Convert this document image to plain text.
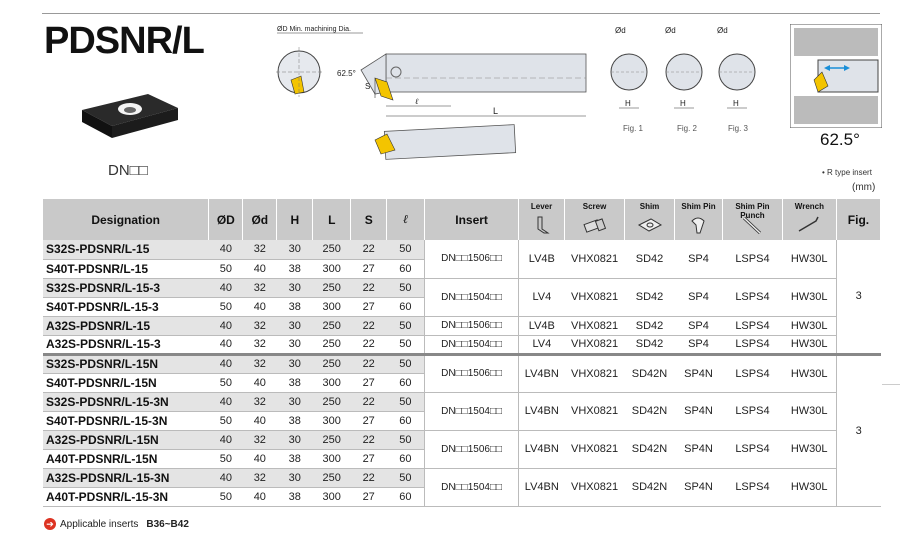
PDSNR/L
DN□□
ØD Min. machining Dia.
62.5°
S
ℓ
L
Ød
H
Ød
H
Ød
H
Fig. 1	Fig. 2	Fig. 3
62.5°
• R type insert
(mm)
Designation	ØD	Ød	H	L	S	ℓ	Insert	Lever	Screw	Shim	Shim Pin	Shim Pin Punch	Wrench	Fig.
S32S-PDSNR/L-15	40	32	30	250	22	50	DN□□1506□□	LV4B	VHX0821	SD42	SP4	LSPS4	HW30L	3
S40T-PDSNR/L-15	50	40	38	300	27	60								
S32S-PDSNR/L-15-3	40	32	30	250	22	50	DN□□1504□□	LV4	VHX0821	SD42	SP4	LSPS4	HW30L	
S40T-PDSNR/L-15-3	50	40	38	300	27	60								
A32S-PDSNR/L-15	40	32	30	250	22	50	DN□□1506□□	LV4B	VHX0821	SD42	SP4	LSPS4	HW30L	
A32S-PDSNR/L-15-3	40	32	30	250	22	50	DN□□1504□□	LV4	VHX0821	SD42	SP4	LSPS4	HW30L	
S32S-PDSNR/L-15N	40	32	30	250	22	50	DN□□1506□□	LV4BN	VHX0821	SD42N	SP4N	LSPS4	HW30L	3
S40T-PDSNR/L-15N	50	40	38	300	27	60								
S32S-PDSNR/L-15-3N	40	32	30	250	22	50	DN□□1504□□	LV4BN	VHX0821	SD42N	SP4N	LSPS4	HW30L	
S40T-PDSNR/L-15-3N	50	40	38	300	27	60								
A32S-PDSNR/L-15N	40	32	30	250	22	50	DN□□1506□□	LV4BN	VHX0821	SD42N	SP4N	LSPS4	HW30L	
A40T-PDSNR/L-15N	50	40	38	300	27	60								
A32S-PDSNR/L-15-3N	40	32	30	250	22	50	DN□□1504□□	LV4BN	VHX0821	SD42N	SP4N	LSPS4	HW30L	
A40T-PDSNR/L-15-3N	50	40	38	300	27	60								
➔ Applicable inserts B36~B42
